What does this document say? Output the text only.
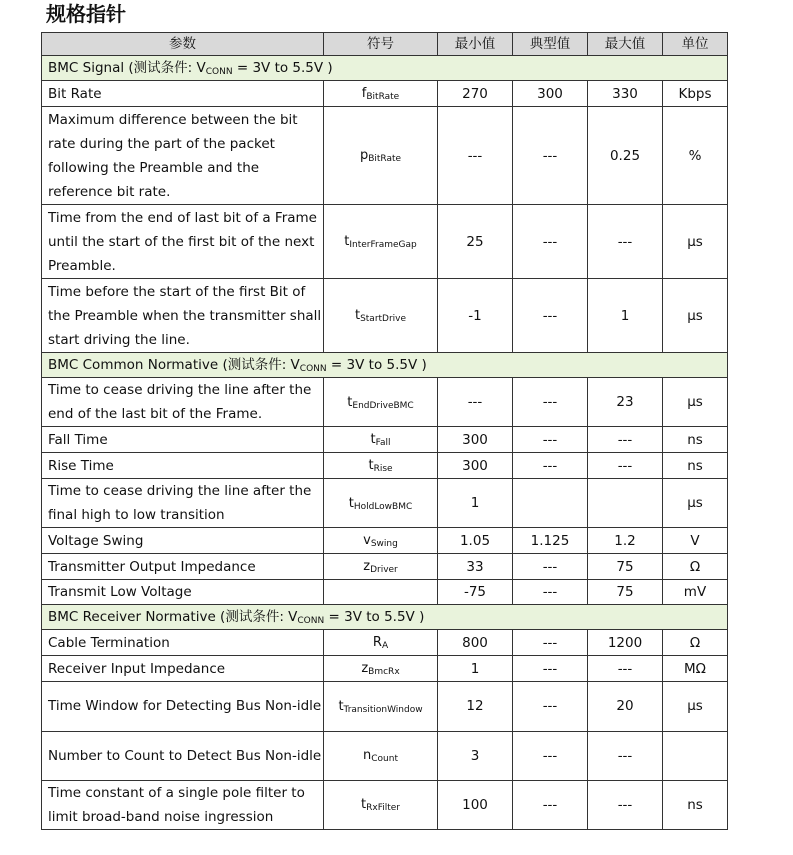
规格指针
参数	符号	最小值	典型值	最大值	单位
BMC Signal (测试条件: $V_{CONN} = 3V$ to 5.5V )					
Bit Rate	$f_{BitRate}$	270	300	330	Kbps
Maximum difference between the bit rate during the part of the packet following the Preamble and the reference bit rate.	$p_{BitRate}$	---	---	0.25	%
Time from the end of last bit of a Frame until the start of the first bit of the next Preamble.	$t_{InterFrameGap}$	25	---	---	μs
Time before the start of the first Bit of the Preamble when the transmitter shall start driving the line.	$t_{StartDrive}$	-1	---	1	μs
BMC Common Normative (测试条件: $V_{CONN} = 3V$ to 5.5V )					
Time to cease driving the line after the end of the last bit of the Frame.	$t_{EndDriveBMC}$	---	---	23	μs
Fall Time	$t_{Fall}$	300	---	---	ns
Rise Time	$t_{Rise}$	300	---	---	ns
Time to cease driving the line after the final high to low transition	$t_{HoldLowBMC}$	1			μs
Voltage Swing	$v_{Swing}$	1.05	1.125	1.2	V
Transmitter Output Impedance	$z_{Driver}$	33	---	75	Ω
Transmit Low Voltage		-75	---	75	mV
BMC Receiver Normative (测试条件: $V_{CONN} = 3V$ to 5.5V )					
Cable Termination	$R_A$	800	---	1200	Ω
Receiver Input Impedance	$z_{BmcRx}$	1	---	---	MΩ
Time Window for Detecting Bus Non-idle	$t_{TransitionWindow}$	12	---	20	μs
Number to Count to Detect Bus Non-idle	$n_{Count}$	3	---	---	
Time constant of a single pole filter to limit broad-band noise ingression	$t_{RxFilter}$	100	---	---	ns
